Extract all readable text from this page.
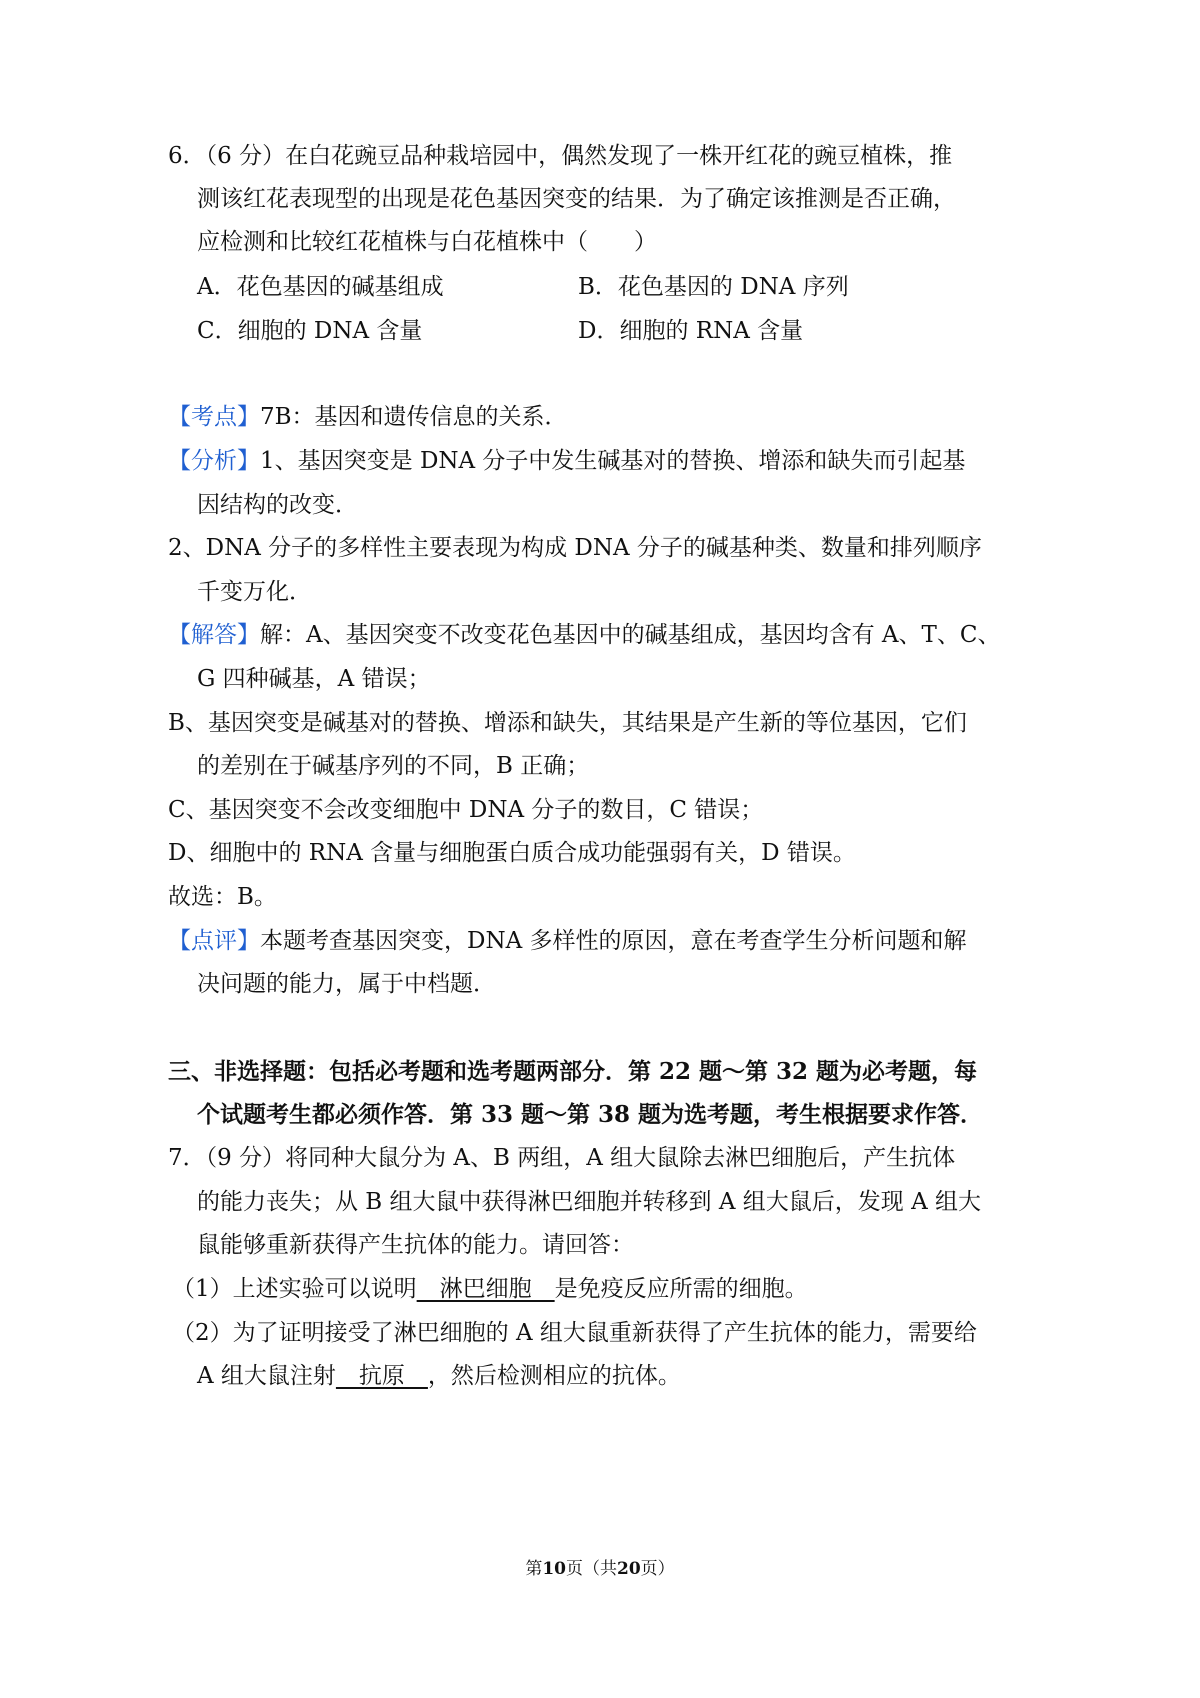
6．（6 分）在白花豌豆品种栽培园中，偶然发现了一株开红花的豌豆植株，推
测该红花表现型的出现是花色基因突变的结果．为了确定该推测是否正确，
应检测和比较红花植株与白花植株中（　　）
A．花色基因的碱基组成	B．花色基因的 DNA 序列
C．细胞的 DNA 含量	D．细胞的 RNA 含量
【考点】7B：基因和遗传信息的关系．
【分析】1、基因突变是 DNA 分子中发生碱基对的替换、增添和缺失而引起基
因结构的改变．
2、DNA 分子的多样性主要表现为构成 DNA 分子的碱基种类、数量和排列顺序
千变万化．
【解答】解：A、基因突变不改变花色基因中的碱基组成，基因均含有 A、T、C、
G 四种碱基，A 错误；
B、基因突变是碱基对的替换、增添和缺失，其结果是产生新的等位基因，它们
的差别在于碱基序列的不同，B 正确；
C、基因突变不会改变细胞中 DNA 分子的数目，C 错误；
D、细胞中的 RNA 含量与细胞蛋白质合成功能强弱有关，D 错误。
故选：B。
【点评】本题考查基因突变，DNA 多样性的原因，意在考查学生分析问题和解
决问题的能力，属于中档题．
三、非选择题：包括必考题和选考题两部分．第 22 题～第 32 题为必考题，每
个试题考生都必须作答．第 33 题～第 38 题为选考题，考生根据要求作答．
7．（9 分）将同种大鼠分为 A、B 两组，A 组大鼠除去淋巴细胞后，产生抗体
的能力丧失；从 B 组大鼠中获得淋巴细胞并转移到 A 组大鼠后，发现 A 组大
鼠能够重新获得产生抗体的能力。请回答：
（1）上述实验可以说明　淋巴细胞　是免疫反应所需的细胞。
（2）为了证明接受了淋巴细胞的 A 组大鼠重新获得了产生抗体的能力，需要给
A 组大鼠注射　抗原　，然后检测相应的抗体。
第10页（共20页）
